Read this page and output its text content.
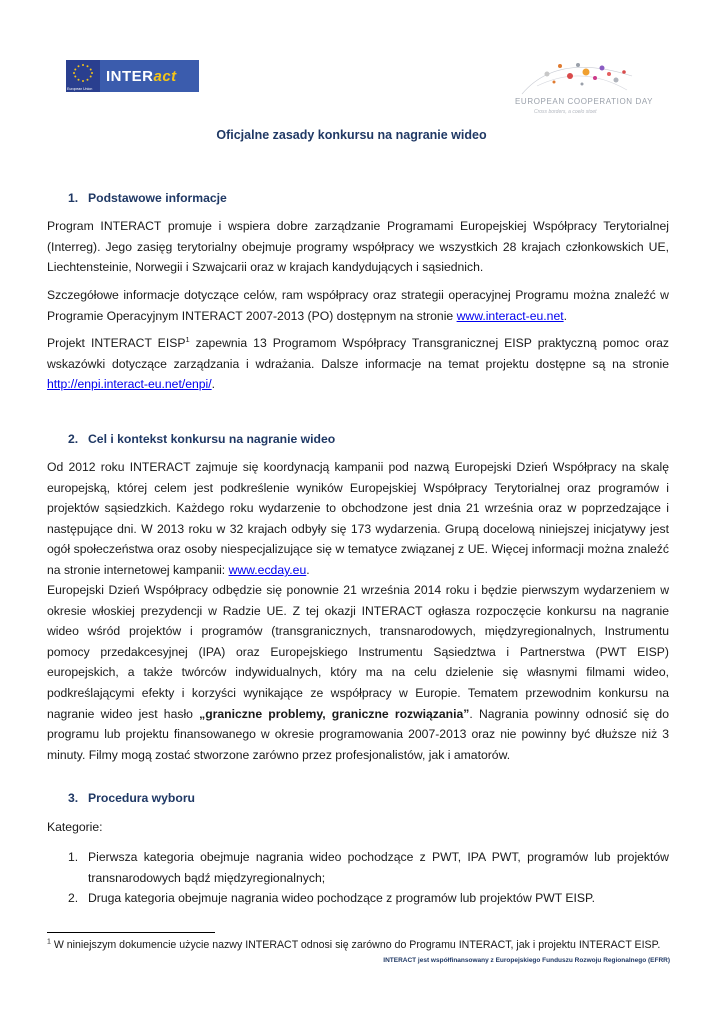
European Union
INTER act
EUROPEAN COOPERATION DAY
Cross borders, a coelo stoet
Oficjalne zasady konkursu na nagranie wideo
1. Podstawowe informacje

Program INTERACT promuje i wspiera dobre zarządzanie Programami Europejskiej Współpracy Terytorialnej (Interreg). Jego zasięg terytorialny obejmuje programy współpracy we wszystkich 28 krajach członkowskich UE, Liechtensteinie, Norwegii i Szwajcarii oraz w krajach kandydujących i sąsiednich.

Szczegółowe informacje dotyczące celów, ram współpracy oraz strategii operacyjnej Programu można znaleźć w Programie Operacyjnym INTERACT 2007-2013 (PO) dostępnym na stronie www.interact-eu.net.

Projekt INTERACT EISP$^1$ zapewnia 13 Programom Współpracy Transgranicznej EISP praktyczną pomoc oraz wskazówki dotyczące zarządzania i wdrażania. Dalsze informacje na temat projektu dostępne są na stronie http://enpi.interact-eu.net/enpi/.

2. Cel i kontekst konkursu na nagranie wideo

Od 2012 roku INTERACT zajmuje się koordynacją kampanii pod nazwą Europejski Dzień Współpracy na skalę europejską, której celem jest podkreślenie wyników Europejskiej Współpracy Terytorialnej oraz programów i projektów sąsiedzkich. Każdego roku wydarzenie to obchodzone jest dnia 21 września oraz w poprzedzające i następujące dni. W 2013 roku w 32 krajach odbyły się 173 wydarzenia. Grupą docelową niniejszej inicjatywy jest ogół społeczeństwa oraz osoby niespecjalizujące się w tematyce związanej z UE. Więcej informacji można znaleźć na stronie internetowej kampanii: www.ecday.eu.

Europejski Dzień Współpracy odbędzie się ponownie 21 września 2014 roku i będzie pierwszym wydarzeniem w okresie włoskiej prezydencji w Radzie UE. Z tej okazji INTERACT ogłasza rozpoczęcie konkursu na nagranie wideo wśród projektów i programów (transgranicznych, transnarodowych, międzyregionalnych, Instrumentu pomocy przedakcesyjnej (IPA) oraz Europejskiego Instrumentu Sąsiedztwa i Partnerstwa (PWT EISP) europejskich, a także twórców indywidualnych, który ma na celu dzielenie się własnymi filmami wideo, podkreślającymi efekty i korzyści wynikające ze współpracy w Europie. Tematem przewodnim konkursu na nagranie wideo jest hasło „graniczne problemy, graniczne rozwiązania”. Nagrania powinny odnosić się do programu lub projektu finansowanego w okresie programowania 2007-2013 oraz nie powinny być dłuższe niż 3 minuty. Filmy mogą zostać stworzone zarówno przez profesjonalistów, jak i amatorów.

3. Procedura wyboru

Kategorie:

1. Pierwsza kategoria obejmuje nagrania wideo pochodzące z PWT, IPA PWT, programów lub projektów transnarodowych bądź międzyregionalnych;
2. Druga kategoria obejmuje nagrania wideo pochodzące z programów lub projektów PWT EISP.
$^1$ W niniejszym dokumencie użycie nazwy INTERACT odnosi się zarówno do Programu INTERACT, jak i projektu INTERACT EISP.
INTERACT jest współfinansowany z Europejskiego Funduszu Rozwoju Regionalnego (EFRR)
